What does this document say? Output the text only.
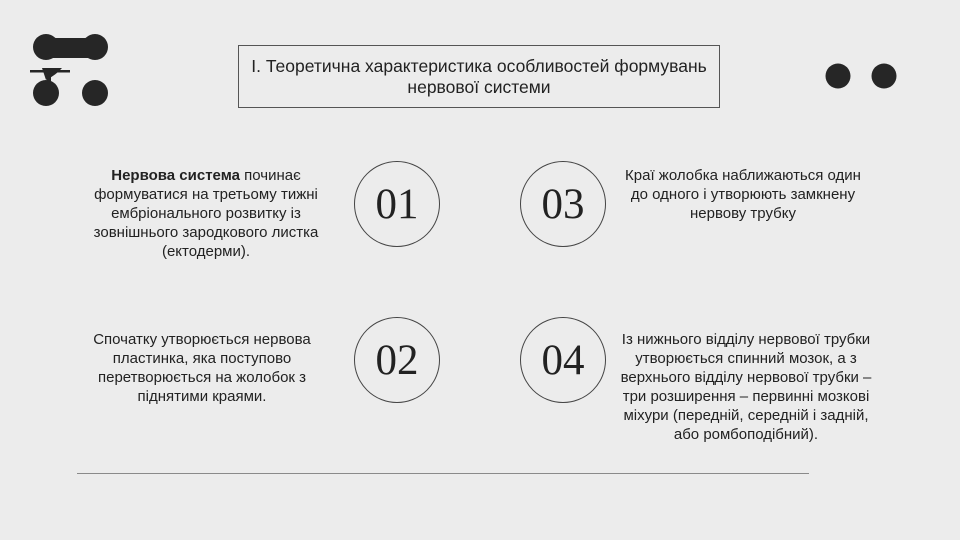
І. Теоретична характеристика особливостей формувань нервової системи
01
Нервова система починає формуватися на третьому тижні ембріонального розвитку із зовнішнього зародкового листка (ектодерми).
03
Краї жолобка наближаються один до одного і утворюють замкнену нервову трубку
02
Спочатку утворюється нервова пластинка, яка поступово перетворюється на жолобок з піднятими краями.
04	Із нижнього відділу нервової трубки утворюється спинний мозок, а з верхнього відділу нервової трубки – три розширення – первинні мозкові міхури (передній, середній і задній, або ромбоподібний).
